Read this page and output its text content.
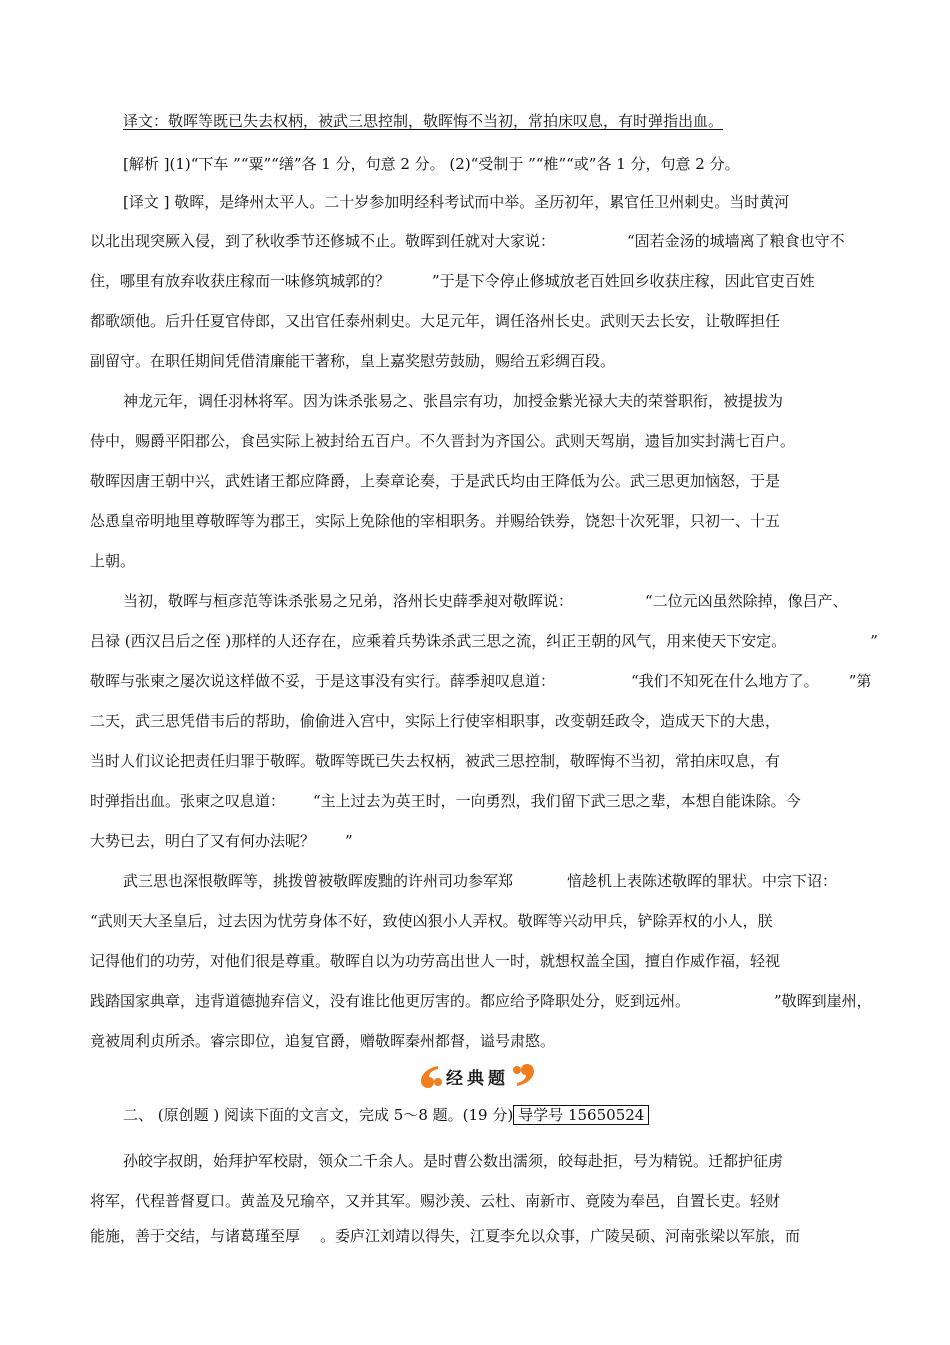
译文：敬晖等既已失去权柄，被武三思控制，敬晖悔不当初，常拍床叹息，有时弹指出血。
[解析 ](1)“下车 ”“粟”“缮”各 1 分，句意 2 分。 (2)“受制于 ”“椎”“或”各 1 分，句意 2 分。
[译文 ] 敬晖，是绛州太平人。二十岁参加明经科考试而中举。圣历初年，累官任卫州刺史。当时黄河
以北出现突厥入侵，到了秋收季节还修城不止。敬晖到任就对大家说：	“固若金汤的城墙离了粮食也守不
住，哪里有放弃收获庄稼而一味修筑城郭的？	”于是下令停止修城放老百姓回乡收获庄稼，因此官吏百姓
都歌颂他。后升任夏官侍郎，又出官任泰州刺史。大足元年，调任洛州长史。武则天去长安，让敬晖担任
副留守。在职任期间凭借清廉能干著称，皇上嘉奖慰劳鼓励，赐给五彩绸百段。
神龙元年，调任羽林将军。因为诛杀张易之、张昌宗有功，加授金紫光禄大夫的荣誉职衔，被提拔为
侍中，赐爵平阳郡公，食邑实际上被封给五百户。不久晋封为齐国公。武则天驾崩，遗旨加实封满七百户。
敬晖因唐王朝中兴，武姓诸王都应降爵，上奏章论奏，于是武氏均由王降低为公。武三思更加恼怒，于是
怂恿皇帝明地里尊敬晖等为郡王，实际上免除他的宰相职务。并赐给铁券，饶恕十次死罪，只初一、十五
上朝。
当初，敬晖与桓彦范等诛杀张易之兄弟，洛州长史薛季昶对敬晖说：	“二位元凶虽然除掉，像吕产、
吕禄 (西汉吕后之侄 )那样的人还存在，应乘着兵势诛杀武三思之流，纠正王朝的风气，用来使天下安定。	”
敬晖与张柬之屡次说这样做不妥，于是这事没有实行。薛季昶叹息道：	“我们不知死在什么地方了。 ”第
二天，武三思凭借韦后的帮助，偷偷进入宫中，实际上行使宰相职事，改变朝廷政令，造成天下的大患，
当时人们议论把责任归罪于敬晖。敬晖等既已失去权柄，被武三思控制，敬晖悔不当初，常拍床叹息，有
时弹指出血。张柬之叹息道： “主上过去为英王时，一向勇烈，我们留下武三思之辈，本想自能诛除。今
大势已去，明白了又有何办法呢？ ”
武三思也深恨敬晖等，挑拨曾被敬晖废黜的许州司功参军郑	愔趁机上表陈述敬晖的罪状。中宗下诏：
“武则天大圣皇后，过去因为忧劳身体不好，致使凶狠小人弄权。敬晖等兴动甲兵，铲除弄权的小人，朕
记得他们的功劳，对他们很是尊重。敬晖自以为功劳高出世人一时，就想权盖全国，擅自作威作福，轻视
践踏国家典章，违背道德抛弃信义，没有谁比他更厉害的。都应给予降职处分，贬到远州。	”敬晖到崖州，
竟被周利贞所杀。睿宗即位，追复官爵，赠敬晖秦州都督，谥号肃愍。
经典题
二、 (原创题 ) 阅读下面的文言文，完成 5～8 题。(19 分) 导学号 15650524
孙皎字叔朗，始拜护军校尉，领众二千余人。是时曹公数出濡须，皎每赴拒，号为精锐。迁都护征虏
将军，代程普督夏口。黄盖及兄瑜卒，又并其军。赐沙羡、云杜、南新市、竟陵为奉邑，自置长吏。轻财
能施，善于交结，与诸葛瑾至厚 。委庐江刘靖以得失，江夏李允以众事，广陵吴硕、河南张梁以军旅，而
